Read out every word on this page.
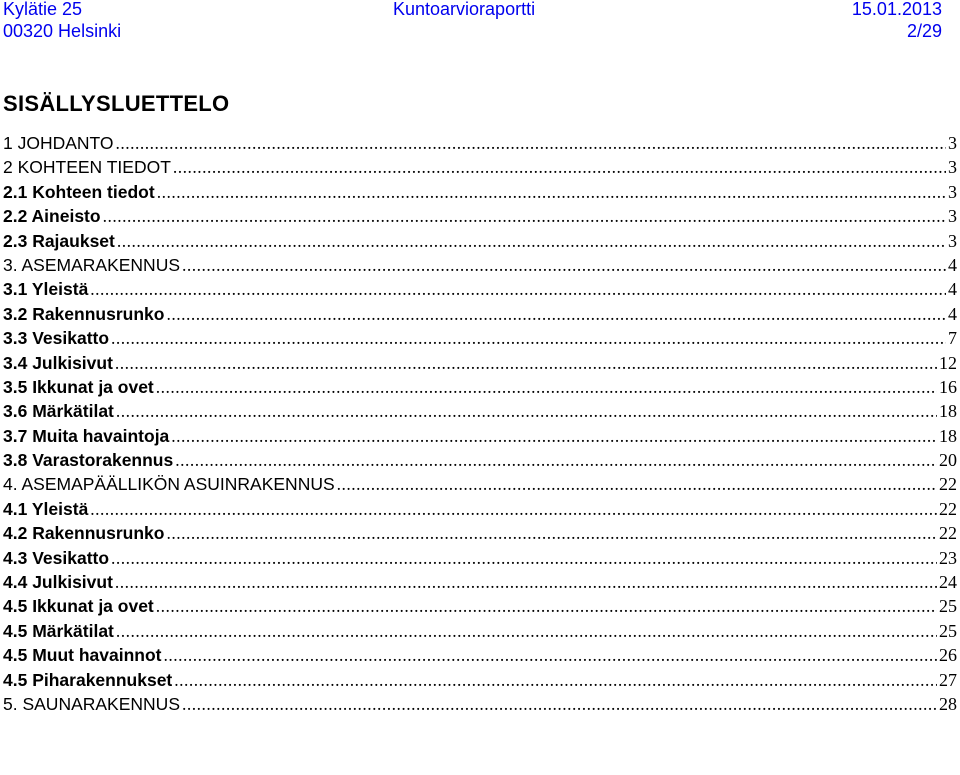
Kylätie 25
00320 Helsinki
Kuntoarvioraportti	15.01.2013
2/29
SISÄLLYSLUETTELO
1 JOHDANTO .....	3
2 KOHTEEN TIEDOT .....	3
2.1 Kohteen tiedot .....	3
2.2 Aineisto .....	3
2.3 Rajaukset .....	3
3. ASEMARAKENNUS .....	4
3.1 Yleistä .....	4
3.2 Rakennusrunko .....	4
3.3 Vesikatto .....	7
3.4 Julkisivut .....	12
3.5 Ikkunat ja ovet .....	16
3.6 Märkätilat .....	18
3.7 Muita havaintoja .....	18
3.8 Varastorakennus .....	20
4. ASEMAPÄÄLLIKÖN ASUINRAKENNUS .....	22
4.1 Yleistä .....	22
4.2 Rakennusrunko .....	22
4.3 Vesikatto .....	23
4.4 Julkisivut .....	24
4.5 Ikkunat ja ovet .....	25
4.5 Märkätilat .....	25
4.5 Muut havainnot .....	26
4.5 Piharakennukset .....	27
5. SAUNARAKENNUS .....	28
